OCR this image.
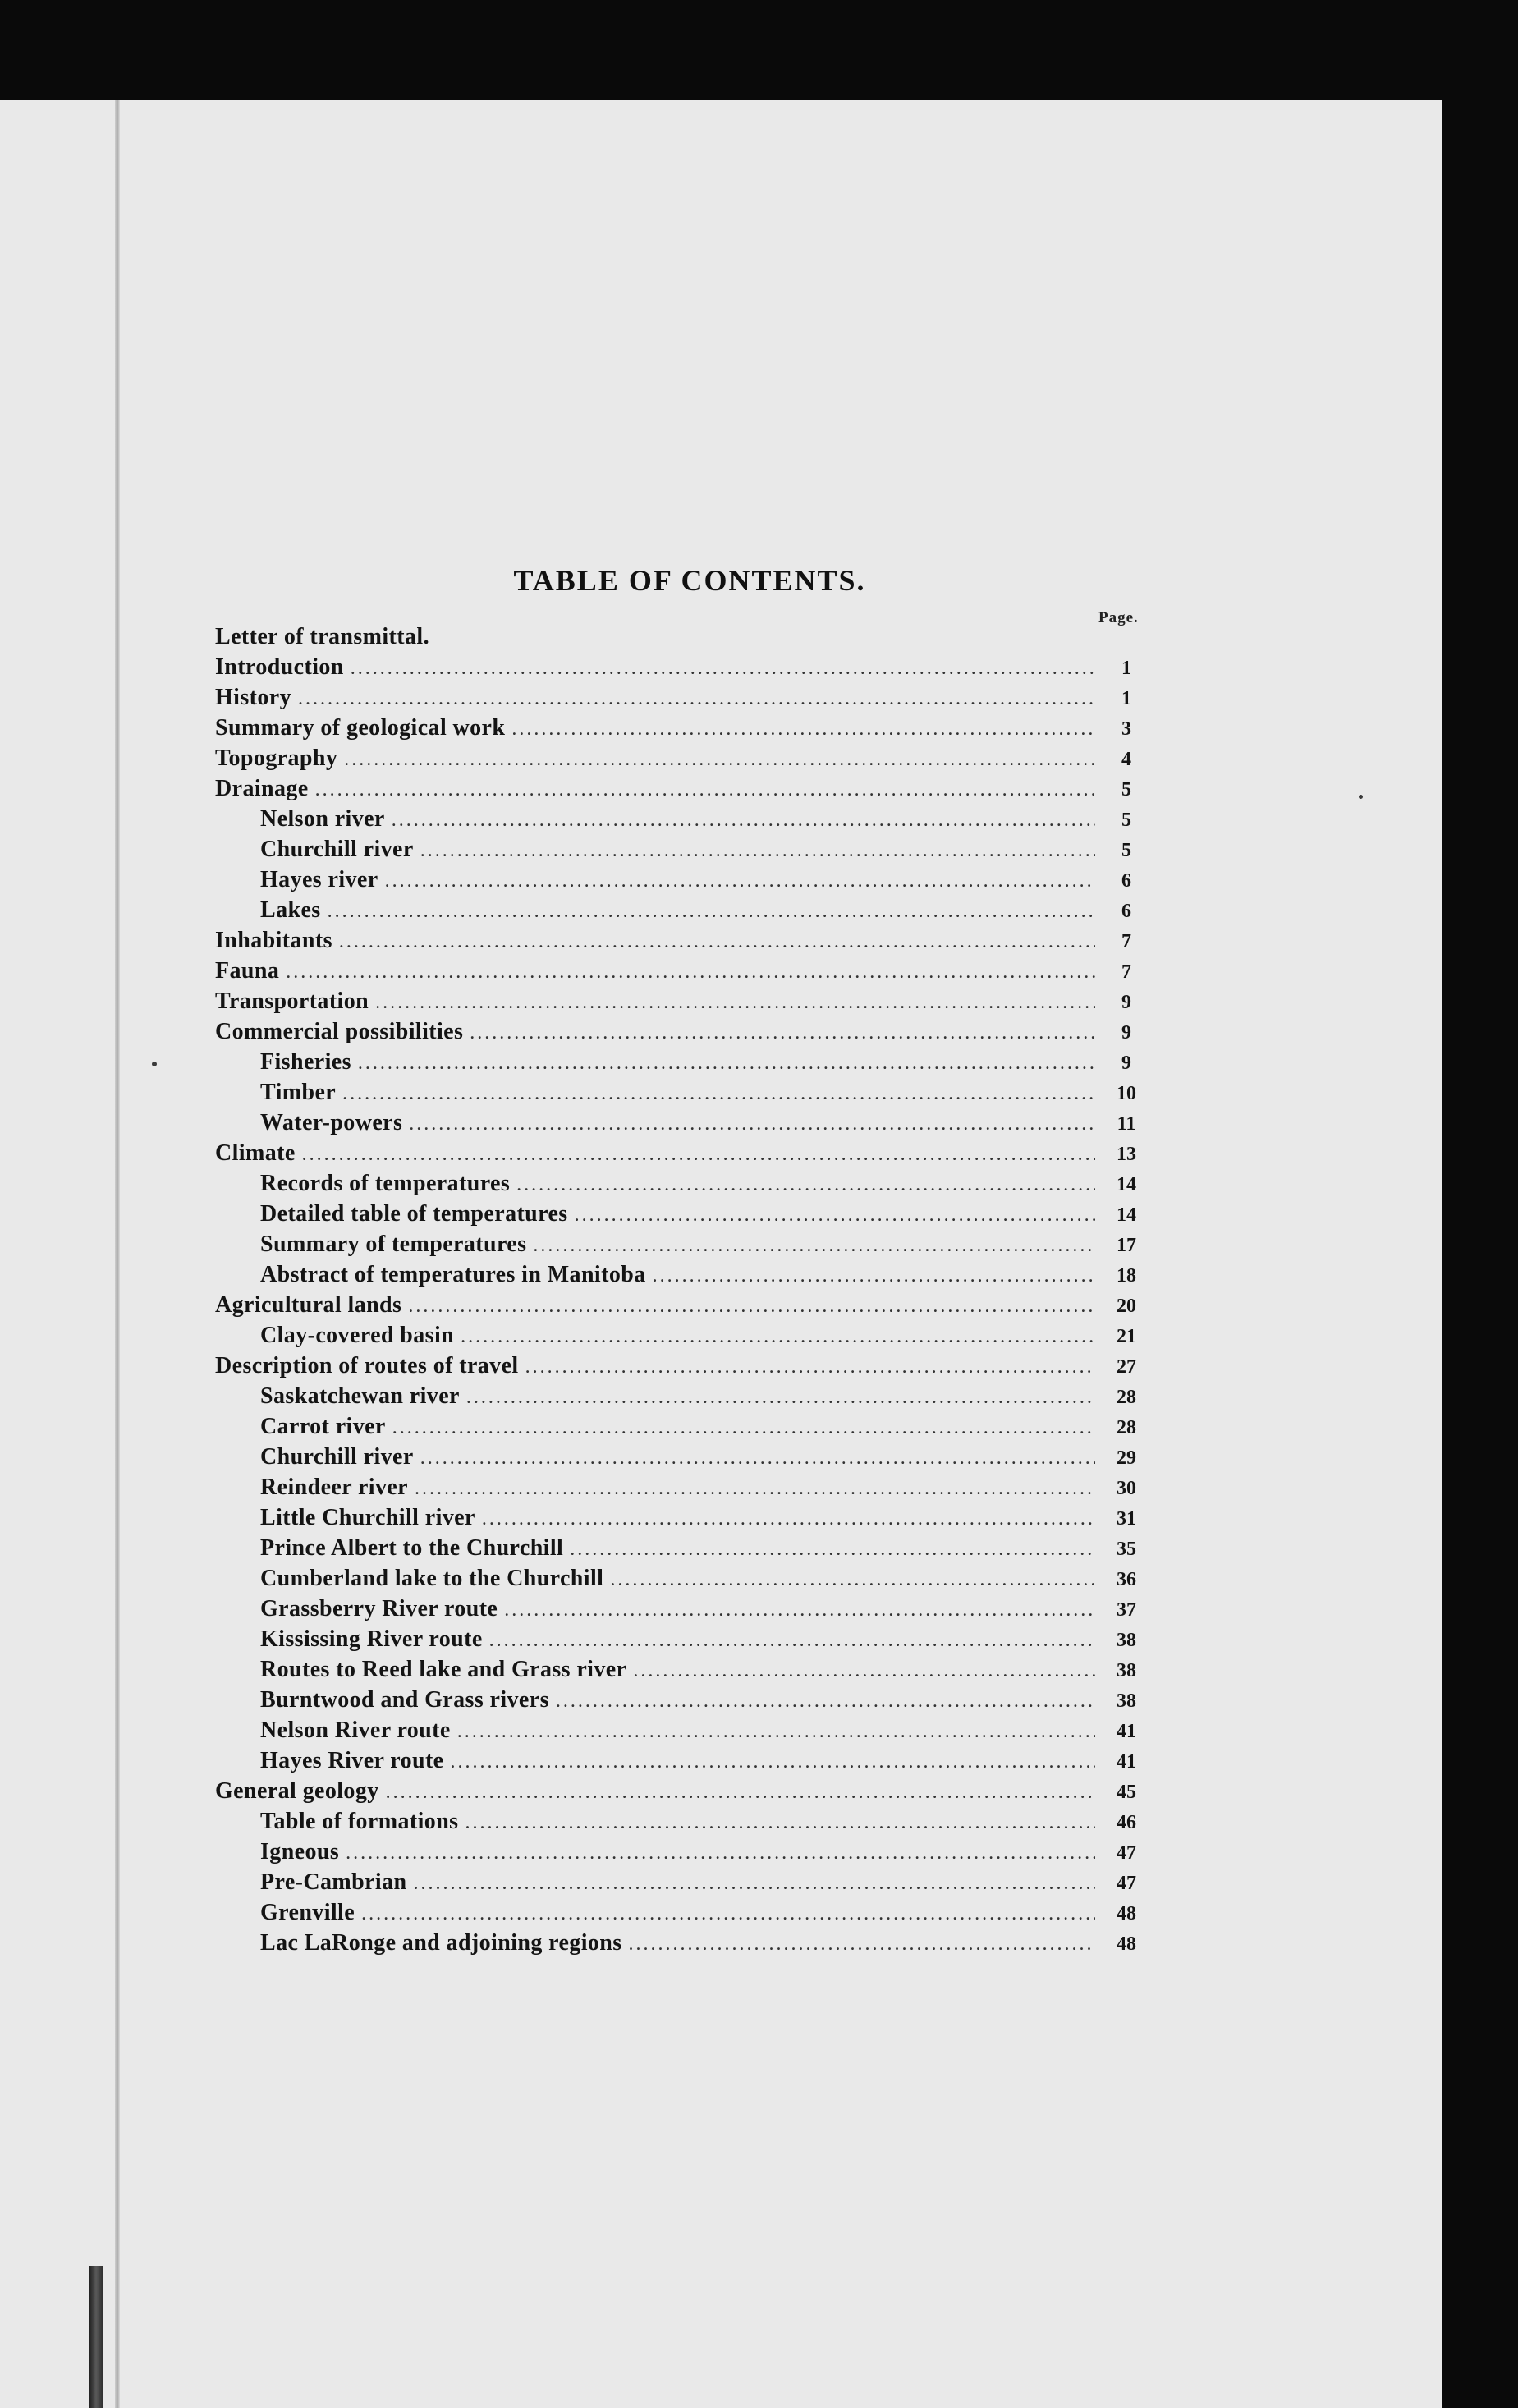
TABLE OF CONTENTS.
Page.
Letter of transmittal.
Introduction .....	1
History .....	1
Summary of geological work .....	3
Topography .....	4
Drainage .....	5
Nelson river .....	5
Churchill river .....	5
Hayes river .....	6
Lakes .....	6
Inhabitants .....	7
Fauna .....	7
Transportation .....	9
Commercial possibilities .....	9
Fisheries .....	9
Timber .....	10
Water-powers .....	11
Climate .....	13
Records of temperatures .....	14
Detailed table of temperatures .....	14
Summary of temperatures .....	17
Abstract of temperatures in Manitoba .....	18
Agricultural lands .....	20
Clay-covered basin .....	21
Description of routes of travel .....	27
Saskatchewan river .....	28
Carrot river .....	28
Churchill river .....	29
Reindeer river .....	30
Little Churchill river .....	31
Prince Albert to the Churchill .....	35
Cumberland lake to the Churchill .....	36
Grassberry River route .....	37
Kississing River route .....	38
Routes to Reed lake and Grass river .....	38
Burntwood and Grass rivers .....	38
Nelson River route .....	41
Hayes River route .....	41
General geology .....	45
Table of formations .....	46
Igneous .....	47
Pre-Cambrian .....	47
Grenville .....	48
Lac LaRonge and adjoining regions .....	48
